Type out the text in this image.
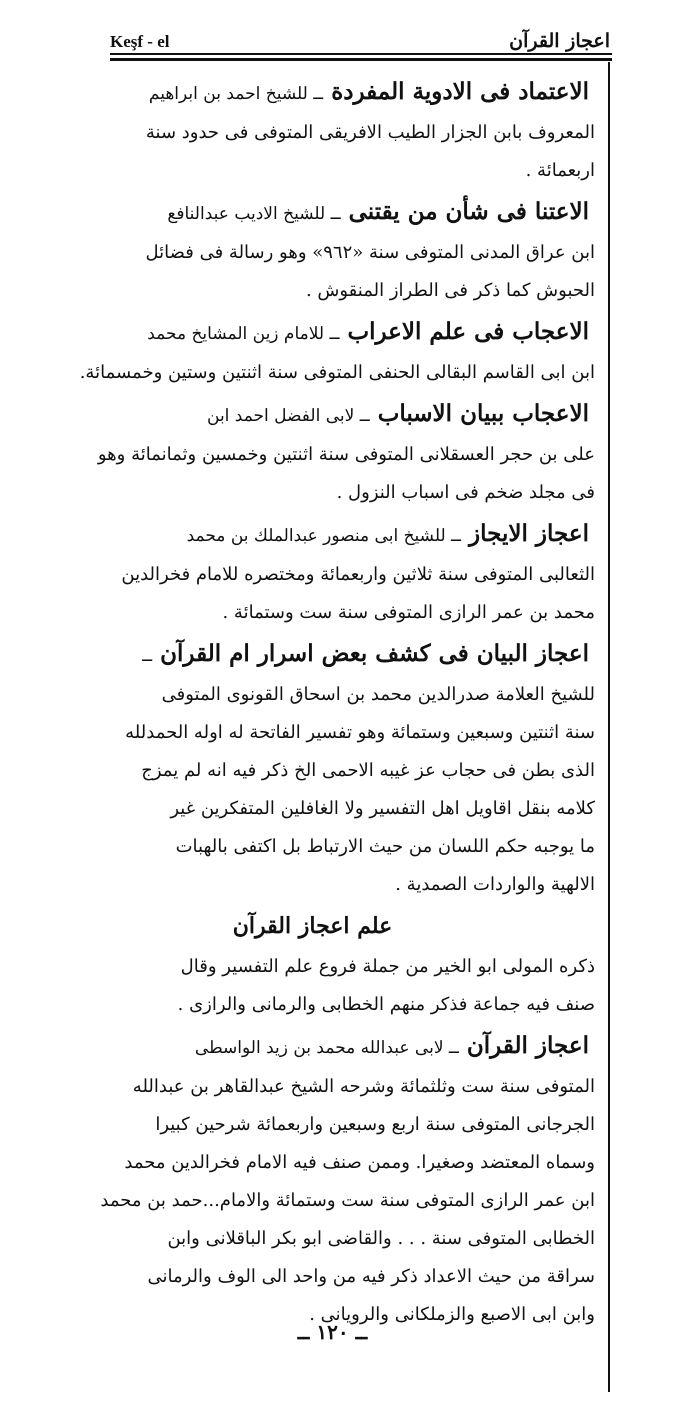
Keşf - el	اعجاز القرآن
الاعتماد فى الادوية المفردة ــ للشيخ احمد بن ابراهيم
المعروف بابن الجزار الطيب الافريقى المتوفى فى حدود سنة
اربعمائة .
الاعتنا فى شأن من يقتنى ــ للشيخ الاديب عبدالنافع
ابن عراق المدنى المتوفى سنة «٩٦٢» وهو رسالة فى فضائل
الحبوش كما ذكر فى الطراز المنقوش .
الاعجاب فى علم الاعراب ــ للامام زين المشايخ محمد
ابن ابى القاسم البقالى الحنفى المتوفى سنة اثنتين وستين وخمسمائة.
الاعجاب ببيان الاسباب ــ لابى الفضل احمد ابن
على بن حجر العسقلانى المتوفى سنة اثنتين وخمسين وثمانمائة وهو
فى مجلد ضخم فى اسباب النزول .
اعجاز الايجاز ــ للشيخ ابى منصور عبدالملك بن محمد
الثعالبى المتوفى سنة ثلاثين واربعمائة ومختصره للامام فخرالدين
محمد بن عمر الرازى المتوفى سنة ست وستمائة .
اعجاز البيان فى كشف بعض اسرار ام القرآن ــ
للشيخ العلامة صدرالدين محمد بن اسحاق القونوى المتوفى
سنة اثنتين وسبعين وستمائة وهو تفسير الفاتحة له اوله الحمدلله
الذى بطن فى حجاب عز غيبه الاحمى الخ ذكر فيه انه لم يمزج
كلامه بنقل اقاويل اهل التفسير ولا الغافلين المتفكرين غير
ما يوجبه حكم اللسان من حيث الارتباط بل اكتفى بالهبات
الالهية والواردات الصمدية .
علم اعجاز القرآن
ذكره المولى ابو الخير من جملة فروع علم التفسير وقال
صنف فيه جماعة فذكر منهم الخطابى والرمانى والرازى .
اعجاز القرآن ــ لابى عبدالله محمد بن زيد الواسطى
المتوفى سنة ست وثلثمائة وشرحه الشيخ عبدالقاهر بن عبدالله
الجرجانى المتوفى سنة اربع وسبعين واربعمائة شرحين كبيرا
وسماه المعتضد وصغيرا. وممن صنف فيه الامام فخرالدين محمد
ابن عمر الرازى المتوفى سنة ست وستمائة والامام...حمد بن محمد
الخطابى المتوفى سنة . . . والقاضى ابو بكر الباقلانى وابن
سراقة من حيث الاعداد ذكر فيه من واحد الى الوف والرمانى
وابن ابى الاصبع والزملكانى والرويانى .
ــ ١٢٠ ــ
